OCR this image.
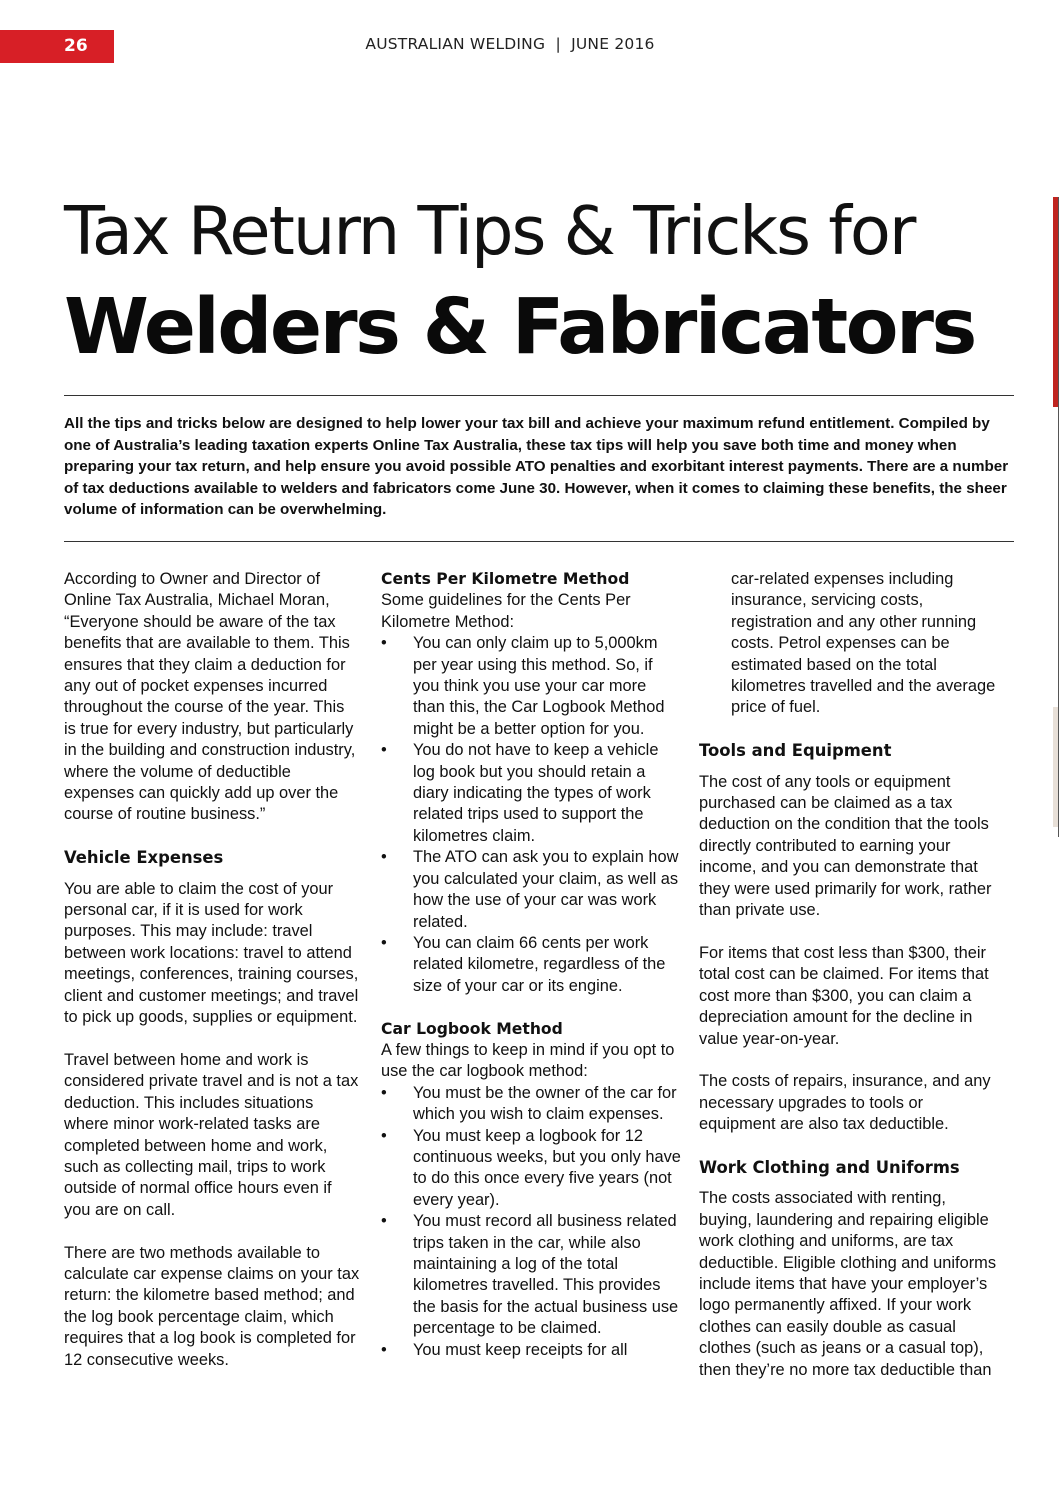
26	AUSTRALIAN WELDING  |  JUNE 2016
Tax Return Tips & Tricks for
Welders & Fabricators

All the tips and tricks below are designed to help lower your tax bill and achieve your maximum refund entitlement. Compiled by one of Australia’s leading taxation experts Online Tax Australia, these tax tips will help you save both time and money when preparing your tax return, and help ensure you avoid possible ATO penalties and exorbitant interest payments. There are a number of tax deductions available to welders and fabricators come June 30. However, when it comes to claiming these benefits, the sheer volume of information can be overwhelming.

According to Owner and Director of Online Tax Australia, Michael Moran, “Everyone should be aware of the tax benefits that are available to them. This ensures that they claim a deduction for any out of pocket expenses incurred throughout the course of the year. This is true for every industry, but particularly in the building and construction industry, where the volume of deductible expenses can quickly add up over the course of routine business.”

Vehicle Expenses

You are able to claim the cost of your personal car, if it is used for work purposes. This may include: travel between work locations: travel to attend meetings, conferences, training courses, client and customer meetings; and travel to pick up goods, supplies or equipment.

Travel between home and work is considered private travel and is not a tax deduction. This includes situations where minor work-related tasks are completed between home and work, such as collecting mail, trips to work outside of normal office hours even if you are on call.

There are two methods available to calculate car expense claims on your tax return: the kilometre based method; and the log book percentage claim, which requires that a log book is completed for 12 consecutive weeks.

Cents Per Kilometre Method

Some guidelines for the Cents Per Kilometre Method:

• You can only claim up to 5,000km per year using this method. So, if you think you use your car more than this, the Car Logbook Method might be a better option for you.
• You do not have to keep a vehicle log book but you should retain a diary indicating the types of work related trips used to support the kilometres claim.
• The ATO can ask you to explain how you calculated your claim, as well as how the use of your car was work related.
• You can claim 66 cents per work related kilometre, regardless of the size of your car or its engine.
Car Logbook Method

A few things to keep in mind if you opt to use the car logbook method:

• You must be the owner of the car for which you wish to claim expenses.
• You must keep a logbook for 12 continuous weeks, but you only have to do this once every five years (not every year).
• You must record all business related trips taken in the car, while also maintaining a log of the total kilometres travelled. This provides the basis for the actual business use percentage to be claimed.
• You must keep receipts for all

car-related expenses including insurance, servicing costs, registration and any other running costs. Petrol expenses can be estimated based on the total kilometres travelled and the average price of fuel.

Tools and Equipment

The cost of any tools or equipment purchased can be claimed as a tax deduction on the condition that the tools directly contributed to earning your income, and you can demonstrate that they were used primarily for work, rather than private use.

For items that cost less than $300, their total cost can be claimed. For items that cost more than $300, you can claim a depreciation amount for the decline in value year-on-year.

The costs of repairs, insurance, and any necessary upgrades to tools or equipment are also tax deductible.

Work Clothing and Uniforms

The costs associated with renting, buying, laundering and repairing eligible work clothing and uniforms, are tax deductible. Eligible clothing and uniforms include items that have your employer’s logo permanently affixed. If your work clothes can easily double as casual clothes (such as jeans or a casual top), then they’re no more tax deductible than
